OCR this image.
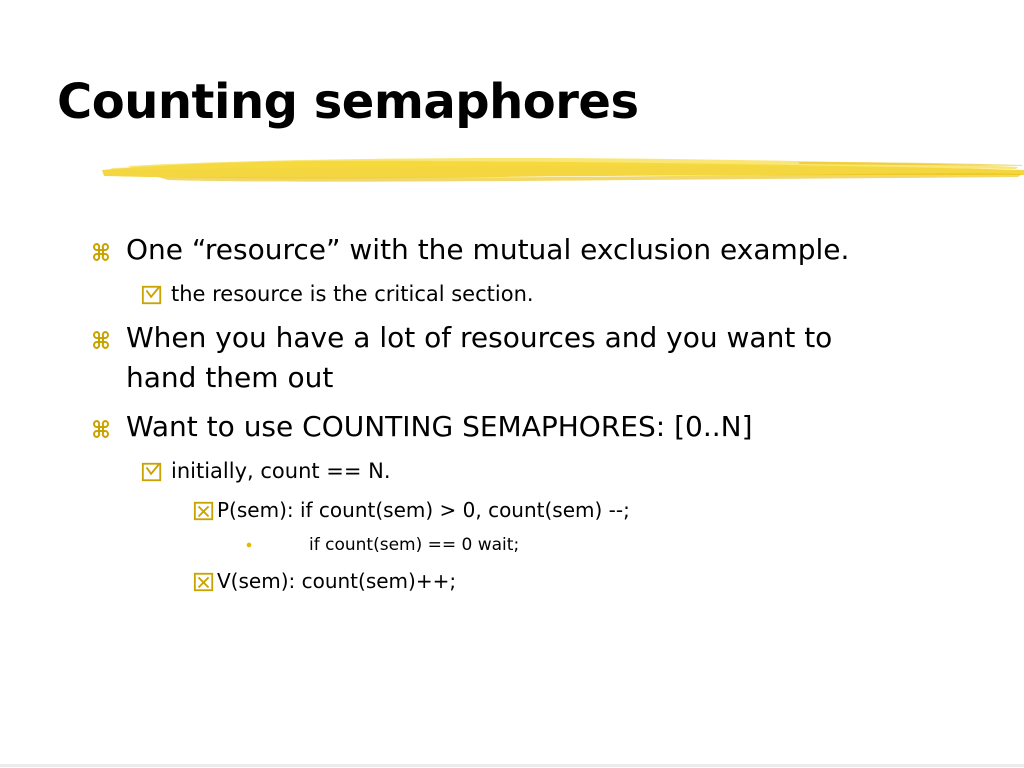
Counting semaphores
One “resource” with the mutual exclusion example.
the resource is the critical section.
When you have a lot of resources and you want to
hand them out
Want to use COUNTING SEMAPHORES: [0..N]
initially, count == N.
P(sem): if count(sem) > 0, count(sem) --;
if count(sem) == 0 wait;
V(sem): count(sem)++;
